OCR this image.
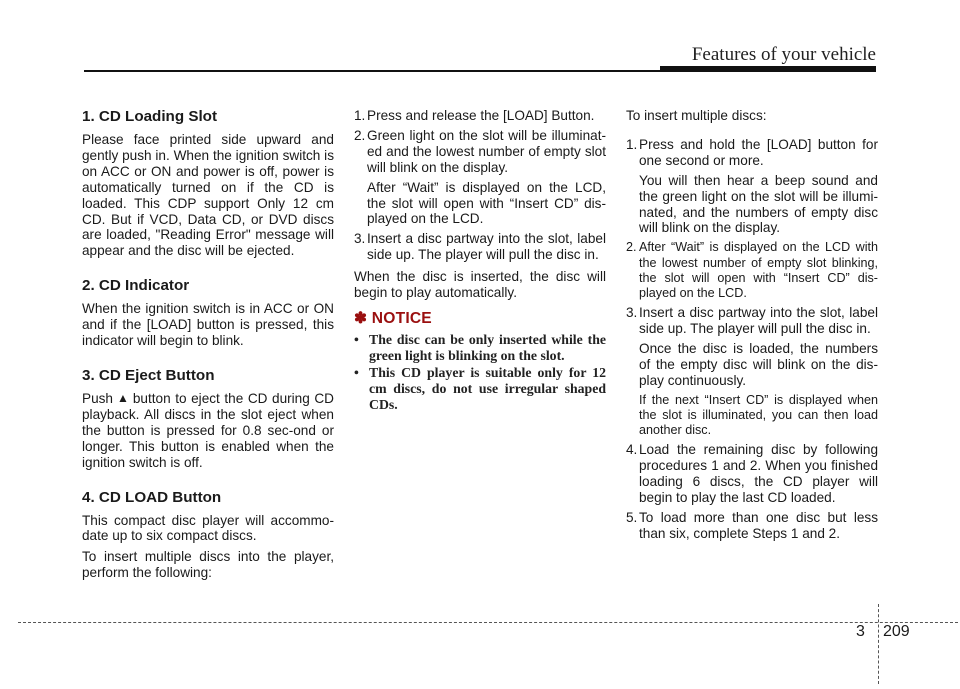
Features of your vehicle
1. CD Loading Slot

Please face printed side upward and gently push in. When the ignition switch is on ACC or ON and power is off, power is automatically turned on if the CD is loaded. This CDP support Only 12 cm CD. But if VCD, Data CD, or DVD discs are loaded, "Reading Error" message will appear and the disc will be ejected.

2. CD Indicator

When the ignition switch is in ACC or ON and if the [LOAD] button is pressed, this indicator will begin to blink.

3. CD Eject Button

Push ▲ button to eject the CD during CD playback. All discs in the slot eject when the button is pressed for 0.8 sec-ond or longer. This button is enabled when the ignition switch is off.

4. CD LOAD Button

This compact disc player will accommo-date up to six compact discs.

To insert multiple discs into the player, perform the following:

1. Press and release the [LOAD] Button.

2. Green light on the slot will be illuminat-ed and the lowest number of empty slot will blink on the display.

After “Wait” is displayed on the LCD, the slot will open with “Insert CD” dis-played on the LCD.

3. Insert a disc partway into the slot, label side up. The player will pull the disc in.

When the disc is inserted, the disc will begin to play automatically.

✽ NOTICE
• The disc can be only inserted while the green light is blinking on the slot.
• This CD player is suitable only for 12 cm discs, do not use irregular shaped CDs.

To insert multiple discs:

1. Press and hold the [LOAD] button for one second or more.

You will then hear a beep sound and the green light on the slot will be illumi-nated, and the numbers of empty disc will blink on the display.

2. After “Wait” is displayed on the LCD with the lowest number of empty slot blinking, the slot will open with “Insert CD” dis-played on the LCD.

3. Insert a disc partway into the slot, label side up. The player will pull the disc in.

Once the disc is loaded, the numbers of the empty disc will blink on the dis-play continuously.

If the next “Insert CD” is displayed when the slot is illuminated, you can then load another disc.

4. Load the remaining disc by following procedures 1 and 2. When you finished loading 6 discs, the CD player will begin to play the last CD loaded.

5. To load more than one disc but less than six, complete Steps 1 and 2.

3 209
